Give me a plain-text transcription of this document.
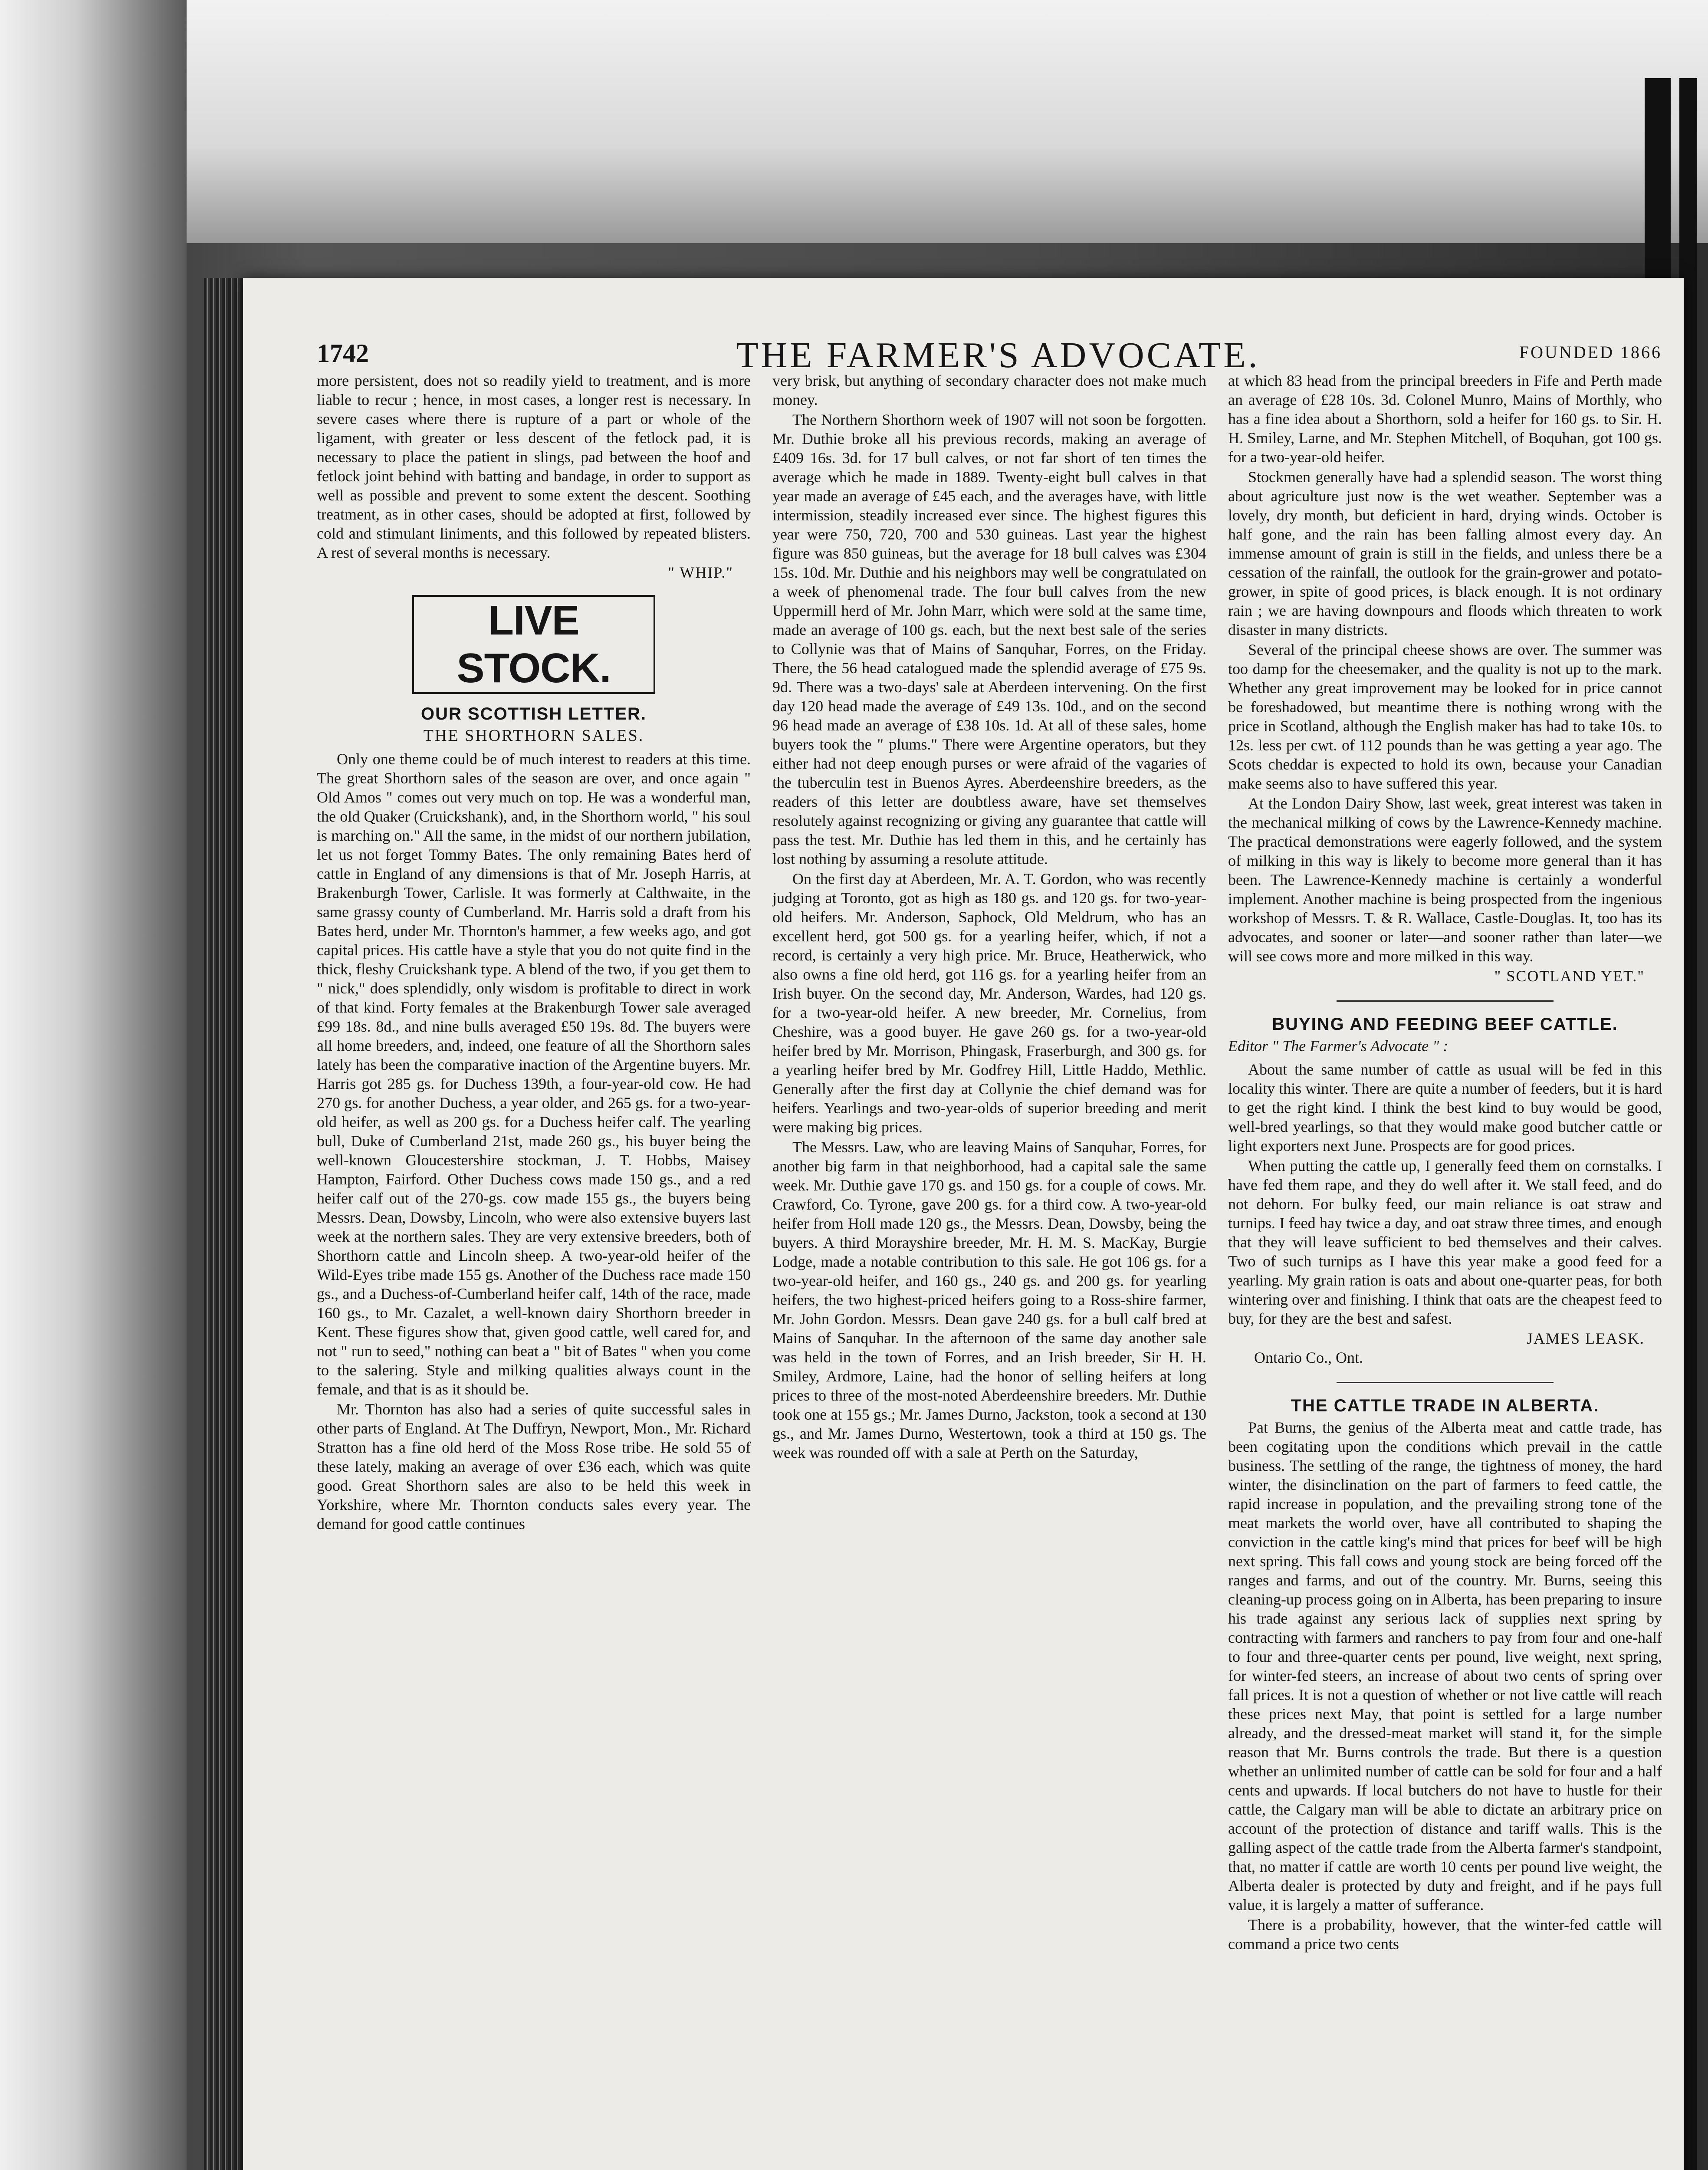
1742	THE FARMER'S ADVOCATE.	FOUNDED 1866

more persistent, does not so readily yield to treatment, and is more liable to recur ; hence, in most cases, a longer rest is necessary. In severe cases where there is rupture of a part or whole of the ligament, with greater or less descent of the fetlock pad, it is necessary to place the patient in slings, pad between the hoof and fetlock joint behind with batting and bandage, in order to support as well as possible and prevent to some extent the descent. Soothing treatment, as in other cases, should be adopted at first, followed by cold and stimulant liniments, and this followed by repeated blisters. A rest of several months is necessary.

" WHIP."
LIVE STOCK.
OUR SCOTTISH LETTER.
THE SHORTHORN SALES.

Only one theme could be of much interest to readers at this time. The great Shorthorn sales of the season are over, and once again " Old Amos " comes out very much on top. He was a wonderful man, the old Quaker (Cruickshank), and, in the Shorthorn world, " his soul is marching on." All the same, in the midst of our northern jubilation, let us not forget Tommy Bates. The only remaining Bates herd of cattle in England of any dimensions is that of Mr. Joseph Harris, at Brakenburgh Tower, Carlisle. It was formerly at Calthwaite, in the same grassy county of Cumberland. Mr. Harris sold a draft from his Bates herd, under Mr. Thornton's hammer, a few weeks ago, and got capital prices. His cattle have a style that you do not quite find in the thick, fleshy Cruickshank type. A blend of the two, if you get them to " nick," does splendidly, only wisdom is profitable to direct in work of that kind. Forty females at the Brakenburgh Tower sale averaged £99 18s. 8d., and nine bulls averaged £50 19s. 8d. The buyers were all home breeders, and, indeed, one feature of all the Shorthorn sales lately has been the comparative inaction of the Argentine buyers. Mr. Harris got 285 gs. for Duchess 139th, a four-year-old cow. He had 270 gs. for another Duchess, a year older, and 265 gs. for a two-year-old heifer, as well as 200 gs. for a Duchess heifer calf. The yearling bull, Duke of Cumberland 21st, made 260 gs., his buyer being the well-known Gloucestershire stockman, J. T. Hobbs, Maisey Hampton, Fairford. Other Duchess cows made 150 gs., and a red heifer calf out of the 270-gs. cow made 155 gs., the buyers being Messrs. Dean, Dowsby, Lincoln, who were also extensive buyers last week at the northern sales. They are very extensive breeders, both of Shorthorn cattle and Lincoln sheep. A two-year-old heifer of the Wild-Eyes tribe made 155 gs. Another of the Duchess race made 150 gs., and a Duchess-of-Cumberland heifer calf, 14th of the race, made 160 gs., to Mr. Cazalet, a well-known dairy Shorthorn breeder in Kent. These figures show that, given good cattle, well cared for, and not " run to seed," nothing can beat a " bit of Bates " when you come to the salering. Style and milking qualities always count in the female, and that is as it should be.

Mr. Thornton has also had a series of quite successful sales in other parts of England. At The Duffryn, Newport, Mon., Mr. Richard Stratton has a fine old herd of the Moss Rose tribe. He sold 55 of these lately, making an average of over £36 each, which was quite good. Great Shorthorn sales are also to be held this week in Yorkshire, where Mr. Thornton conducts sales every year. The demand for good cattle continues

very brisk, but anything of secondary character does not make much money.

The Northern Shorthorn week of 1907 will not soon be forgotten. Mr. Duthie broke all his previous records, making an average of £409 16s. 3d. for 17 bull calves, or not far short of ten times the average which he made in 1889. Twenty-eight bull calves in that year made an average of £45 each, and the averages have, with little intermission, steadily increased ever since. The highest figures this year were 750, 720, 700 and 530 guineas. Last year the highest figure was 850 guineas, but the average for 18 bull calves was £304 15s. 10d. Mr. Duthie and his neighbors may well be congratulated on a week of phenomenal trade. The four bull calves from the new Uppermill herd of Mr. John Marr, which were sold at the same time, made an average of 100 gs. each, but the next best sale of the series to Collynie was that of Mains of Sanquhar, Forres, on the Friday. There, the 56 head catalogued made the splendid average of £75 9s. 9d. There was a two-days' sale at Aberdeen intervening. On the first day 120 head made the average of £49 13s. 10d., and on the second 96 head made an average of £38 10s. 1d. At all of these sales, home buyers took the " plums." There were Argentine operators, but they either had not deep enough purses or were afraid of the vagaries of the tuberculin test in Buenos Ayres. Aberdeenshire breeders, as the readers of this letter are doubtless aware, have set themselves resolutely against recognizing or giving any guarantee that cattle will pass the test. Mr. Duthie has led them in this, and he certainly has lost nothing by assuming a resolute attitude.

On the first day at Aberdeen, Mr. A. T. Gordon, who was recently judging at Toronto, got as high as 180 gs. and 120 gs. for two-year-old heifers. Mr. Anderson, Saphock, Old Meldrum, who has an excellent herd, got 500 gs. for a yearling heifer, which, if not a record, is certainly a very high price. Mr. Bruce, Heatherwick, who also owns a fine old herd, got 116 gs. for a yearling heifer from an Irish buyer. On the second day, Mr. Anderson, Wardes, had 120 gs. for a two-year-old heifer. A new breeder, Mr. Cornelius, from Cheshire, was a good buyer. He gave 260 gs. for a two-year-old heifer bred by Mr. Morrison, Phingask, Fraserburgh, and 300 gs. for a yearling heifer bred by Mr. Godfrey Hill, Little Haddo, Methlic. Generally after the first day at Collynie the chief demand was for heifers. Yearlings and two-year-olds of superior breeding and merit were making big prices.

The Messrs. Law, who are leaving Mains of Sanquhar, Forres, for another big farm in that neighborhood, had a capital sale the same week. Mr. Duthie gave 170 gs. and 150 gs. for a couple of cows. Mr. Crawford, Co. Tyrone, gave 200 gs. for a third cow. A two-year-old heifer from Holl made 120 gs., the Messrs. Dean, Dowsby, being the buyers. A third Morayshire breeder, Mr. H. M. S. MacKay, Burgie Lodge, made a notable contribution to this sale. He got 106 gs. for a two-year-old heifer, and 160 gs., 240 gs. and 200 gs. for yearling heifers, the two highest-priced heifers going to a Ross-shire farmer, Mr. John Gordon. Messrs. Dean gave 240 gs. for a bull calf bred at Mains of Sanquhar. In the afternoon of the same day another sale was held in the town of Forres, and an Irish breeder, Sir H. H. Smiley, Ardmore, Laine, had the honor of selling heifers at long prices to three of the most-noted Aberdeenshire breeders. Mr. Duthie took one at 155 gs.; Mr. James Durno, Jackston, took a second at 130 gs., and Mr. James Durno, Westertown, took a third at 150 gs. The week was rounded off with a sale at Perth on the Saturday,

at which 83 head from the principal breeders in Fife and Perth made an average of £28 10s. 3d. Colonel Munro, Mains of Morthly, who has a fine idea about a Shorthorn, sold a heifer for 160 gs. to Sir. H. H. Smiley, Larne, and Mr. Stephen Mitchell, of Boquhan, got 100 gs. for a two-year-old heifer.

Stockmen generally have had a splendid season. The worst thing about agriculture just now is the wet weather. September was a lovely, dry month, but deficient in hard, drying winds. October is half gone, and the rain has been falling almost every day. An immense amount of grain is still in the fields, and unless there be a cessation of the rainfall, the outlook for the grain-grower and potato-grower, in spite of good prices, is black enough. It is not ordinary rain ; we are having downpours and floods which threaten to work disaster in many districts.

Several of the principal cheese shows are over. The summer was too damp for the cheesemaker, and the quality is not up to the mark. Whether any great improvement may be looked for in price cannot be foreshadowed, but meantime there is nothing wrong with the price in Scotland, although the English maker has had to take 10s. to 12s. less per cwt. of 112 pounds than he was getting a year ago. The Scots cheddar is expected to hold its own, because your Canadian make seems also to have suffered this year.

At the London Dairy Show, last week, great interest was taken in the mechanical milking of cows by the Lawrence-Kennedy machine. The practical demonstrations were eagerly followed, and the system of milking in this way is likely to become more general than it has been. The Lawrence-Kennedy machine is certainly a wonderful implement. Another machine is being prospected from the ingenious workshop of Messrs. T. & R. Wallace, Castle-Douglas. It, too has its advocates, and sooner or later—and sooner rather than later—we will see cows more and more milked in this way.

" SCOTLAND YET."
BUYING AND FEEDING BEEF CATTLE.
Editor " The Farmer's Advocate " :

About the same number of cattle as usual will be fed in this locality this winter. There are quite a number of feeders, but it is hard to get the right kind. I think the best kind to buy would be good, well-bred yearlings, so that they would make good butcher cattle or light exporters next June. Prospects are for good prices.

When putting the cattle up, I generally feed them on cornstalks. I have fed them rape, and they do well after it. We stall feed, and do not dehorn. For bulky feed, our main reliance is oat straw and turnips. I feed hay twice a day, and oat straw three times, and enough that they will leave sufficient to bed themselves and their calves. Two of such turnips as I have this year make a good feed for a yearling. My grain ration is oats and about one-quarter peas, for both wintering over and finishing. I think that oats are the cheapest feed to buy, for they are the best and safest.

JAMES LEASK.
Ontario Co., Ont.
THE CATTLE TRADE IN ALBERTA.

Pat Burns, the genius of the Alberta meat and cattle trade, has been cogitating upon the conditions which prevail in the cattle business. The settling of the range, the tightness of money, the hard winter, the disinclination on the part of farmers to feed cattle, the rapid increase in population, and the prevailing strong tone of the meat markets the world over, have all contributed to shaping the conviction in the cattle king's mind that prices for beef will be high next spring. This fall cows and young stock are being forced off the ranges and farms, and out of the country. Mr. Burns, seeing this cleaning-up process going on in Alberta, has been preparing to insure his trade against any serious lack of supplies next spring by contracting with farmers and ranchers to pay from four and one-half to four and three-quarter cents per pound, live weight, next spring, for winter-fed steers, an increase of about two cents of spring over fall prices. It is not a question of whether or not live cattle will reach these prices next May, that point is settled for a large number already, and the dressed-meat market will stand it, for the simple reason that Mr. Burns controls the trade. But there is a question whether an unlimited number of cattle can be sold for four and a half cents and upwards. If local butchers do not have to hustle for their cattle, the Calgary man will be able to dictate an arbitrary price on account of the protection of distance and tariff walls. This is the galling aspect of the cattle trade from the Alberta farmer's standpoint, that, no matter if cattle are worth 10 cents per pound live weight, the Alberta dealer is protected by duty and freight, and if he pays full value, it is largely a matter of sufferance.

There is a probability, however, that the winter-fed cattle will command a price two cents
